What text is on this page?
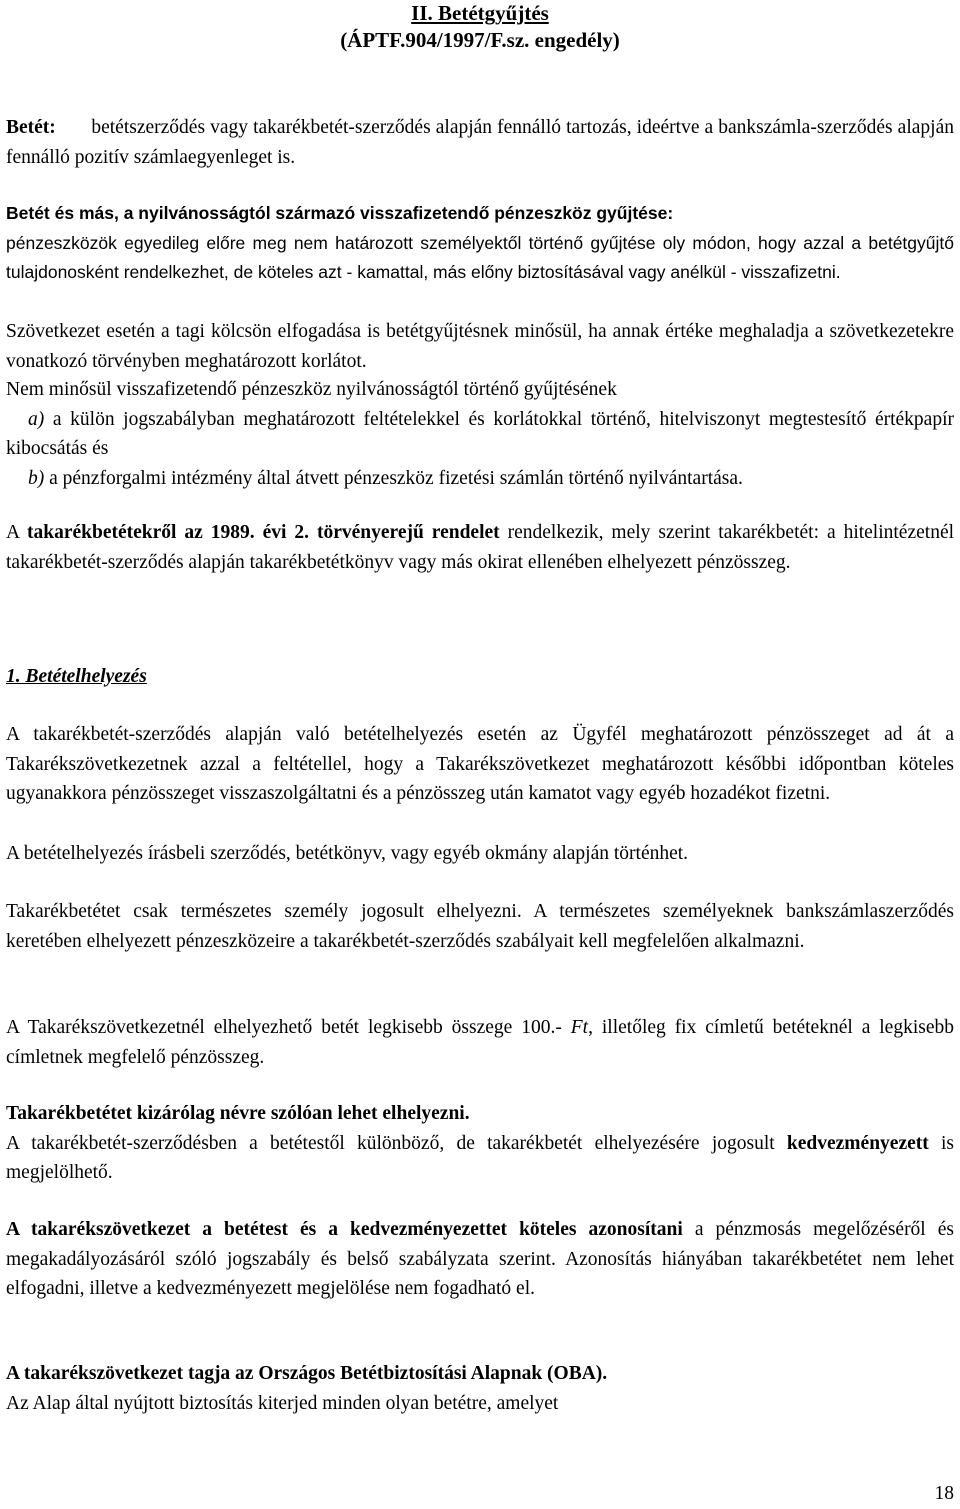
II. Betétgyűjtés
(ÁPTF.904/1997/F.sz. engedély)
Betét: betétszerződés vagy takarékbetét-szerződés alapján fennálló tartozás, ideértve a bankszámla-szerződés alapján fennálló pozitív számlaegyenleget is.
Betét és más, a nyilvánosságtól származó visszafizetendő pénzeszköz gyűjtése:
pénzeszközök egyedileg előre meg nem határozott személyektől történő gyűjtése oly módon, hogy azzal a betétgyűjtő tulajdonosként rendelkezhet, de köteles azt - kamattal, más előny biztosításával vagy anélkül - visszafizetni.
Szövetkezet esetén a tagi kölcsön elfogadása is betétgyűjtésnek minősül, ha annak értéke meghaladja a szövetkezetekre vonatkozó törvényben meghatározott korlátot.
Nem minősül visszafizetendő pénzeszköz nyilvánosságtól történő gyűjtésének
a) a külön jogszabályban meghatározott feltételekkel és korlátokkal történő, hitelviszonyt megtestesítő értékpapír kibocsátás és
b) a pénzforgalmi intézmény által átvett pénzeszköz fizetési számlán történő nyilvántartása.
A takarékbetétekről az 1989. évi 2. törvényerejű rendelet rendelkezik, mely szerint takarékbetét: a hitelintézetnél takarékbetét-szerződés alapján takarékbetétkönyv vagy más okirat ellenében elhelyezett pénzösszeg.
1. Betételhelyezés
A takarékbetét-szerződés alapján való betételhelyezés esetén az Ügyfél meghatározott pénzösszeget ad át a Takarékszövetkezetnek azzal a feltétellel, hogy a Takarékszövetkezet meghatározott későbbi időpontban köteles ugyanakkora pénzösszeget visszaszolgáltatni és a pénzösszeg után kamatot vagy egyéb hozadékot fizetni.
A betételhelyezés írásbeli szerződés, betétkönyv, vagy egyéb okmány alapján történhet.
Takarékbetétet csak természetes személy jogosult elhelyezni. A természetes személyeknek bankszámlaszerződés keretében elhelyezett pénzeszközeire a takarékbetét-szerződés szabályait kell megfelelően alkalmazni.
A Takarékszövetkezetnél elhelyezhető betét legkisebb összege 100.- Ft, illetőleg fix címletű betéteknél a legkisebb címletnek megfelelő pénzösszeg.
Takarékbetétet kizárólag névre szólóan lehet elhelyezni.
A takarékbetét-szerződésben a betétestől különböző, de takarékbetét elhelyezésére jogosult kedvezményezett is megjelölhető.
A takarékszövetkezet a betétest és a kedvezményezettet köteles azonosítani a pénzmosás megelőzéséről és megakadályozásáról szóló jogszabály és belső szabályzata szerint. Azonosítás hiányában takarékbetétet nem lehet elfogadni, illetve a kedvezményezett megjelölése nem fogadható el.
A takarékszövetkezet tagja az Országos Betétbiztosítási Alapnak (OBA).
Az Alap által nyújtott biztosítás kiterjed minden olyan betétre, amelyet
18
